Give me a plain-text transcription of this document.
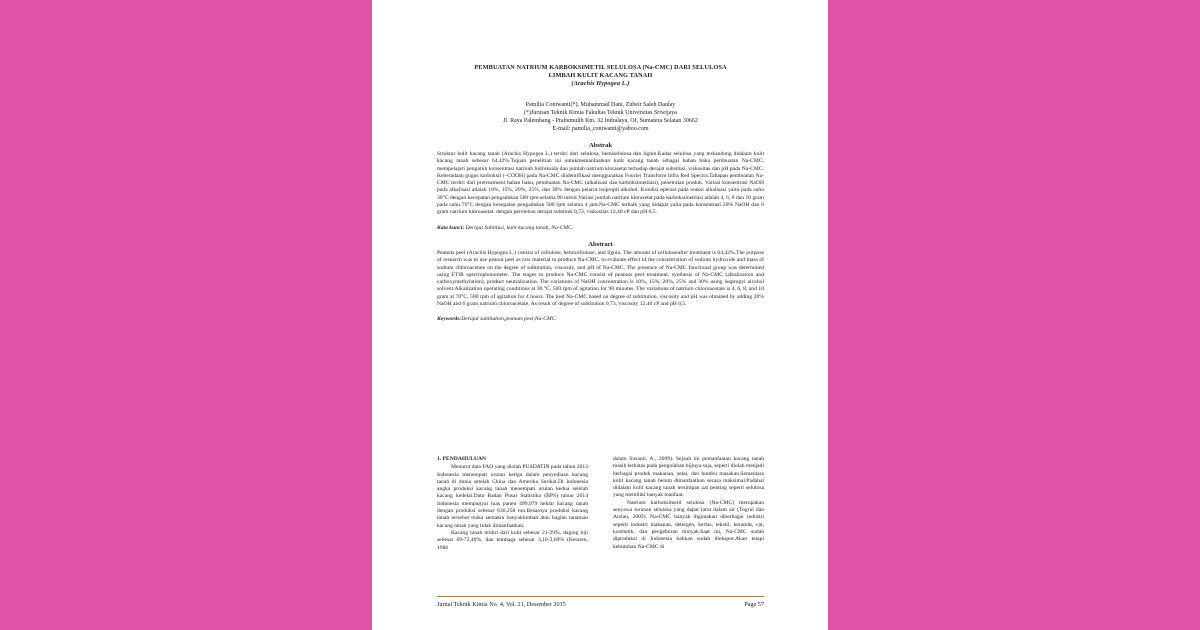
PEMBUATAN NATRIUM KARBOKSIMETIL SELULOSA (Na-CMC) DARI SELULOSA
LIMBAH KULIT KACANG TANAH
(Arachis Hypogea L.)
Pamilia Coniwanti(*), Muhammad Dani, Zubeir Saleh Daulay
(*)Jurusan Teknik Kimia Fakultas Teknik Universitas Sriwijaya
Jl. Raya Palembang - Prabumulih Km. 32 Indralaya, OI, Sumatera Selatan 30662
E-mail: pamilia_coniwanti@yahoo.com
Abstrak
Struktur kulit kacang tanah (Arachis Hypogea L.) terdiri dari selulosa, hemiselulosa dan lignin.Kadar selulosa yang terkandung didalam kulit kacang tanah sebesar 64,42%.Tujuan penelitian ini untukmemanfaatkan kulit kacang tanah sebagai bahan baku pembuatan Na-CMC, mempelajari pengaruh konsentrasi natrium hidroksida dan jumlah natrium klorasetat terhadap derajat subsitusi, viskositas dan pH pada Na-CMC. Keberadaan gugus karboksil (–COOH) pada Na-CMC diidentifikasi menggunakan Fourier Transform Infra Red Spectra.Tahapan pembuatan Na-CMC terdiri dari pretreatment bahan baku, pembuatan Na-CMC (alkalisasi dan karboksimetilasi), penetralan produk. Variasi konsentrasi NaOH pada alkalisasi adalah 10%, 15%, 20%, 25%, dan 30% dengan pelarut isopropil alkohol. Kondisi operasi pada reaksi alkalisasi yaitu pada suhu 30°C dengan kecepatan pengadukan 500 rpm selama 90 menit.Variasi jumlah natrium klorasetat pada karboksimetilasi adalah 4, 6, 8 dan 10 gram pada suhu 70°C dengan kecepatan pengadukan 500 rpm selama 4 jam.Na-CMC terbaik yang didapat yaitu pada konsentrasi 20% NaOH dan 6 gram natrium kloroasetat. dengan perolehan derajat subtitusi 0,73, viskositas 12,40 cP dan pH 6,5.
Kata kunci: Derajat Subtitusi, kulit kacang tanah, Na-CMC.
Abstract
Peanuts peel (Arachis Hypogea L.) consist of cellulose, hemicellulose, and lignin. The amount of celluloseafter treatment is 64,42%.The purpose of research was to use peanut peel as raw material to produce Na-CMC, to evaluate effect of the concentration of sodium hydroxide and mass of sodium chloroacetate on the degree of subtitution, viscosity, and pH of Na-CMC. The presence of Na-CMC functional group was determined using FTIR spectrophotometer. The stages to produce Na-CMC consist of peanuts peel treatment, synthesis of Na-CMC (alkalization and carboxymethylation), product neutralization. The variations of NaOH concentration is 10%, 15%, 20%, 25% and 30% using isopropyl alcohol solvent.Alkalization operating conditions at 30 °C, 500 rpm of agitation for 90 minutes. The variations of natrium chloroacetate is 4, 6, 8, and 10 gram at 70°C, 500 rpm of agitation for 4 hours. The best Na-CMC based on degree of subtitution, viscosity and pH was obtained by adding 20% NaOH and 6 gram natrium chloroacetate. As result of degree of subtitution 0,73, viscosity 12,40 cP and pH 6,5.
Keywords:Derajat subtitution,peanuts peel,Na-CMC.
1. PENDAHULUAN

Menurut data FAO yang diolah PUSDATIN pada tahun 2013 Indonesia menempati urutan ketiga dalam penyediaan kacang tanah di dunia setelah China dan Amerika Serikat.Di Indonesia angka produksi kacang tanah menempati urutan kedua setelah kacang kedelai.Data Badan Pusat Statistika (BPS) tahun 2014 Indonesia mempunyai luas panen 499,079 hektar kacang tanah dengan produksi sebesar 638,258 ton.Besarnya produksi kacang tanah tersebut maka semakin banyaklimbah atau bagian tanaman kacang tanah yang tidak dimanfaatkan.

Kacang tanah terdiri dari kulit sebesar 21-29%, daging biji sebesar 69-72,40%, dan lembaga sebesar 3,10-3,60% (Ketaren, 1986

dalam Susanti, A., 2009). Sejauh ini pemanfaatan kacang tanah masih terbatas pada pengolahan bijinya saja, seperti diolah menjadi berbagai produk makanan, selai, dan bumbu masakan.Sementara kulit kacang tanah belum dimanfaatkan secara maksimal.Padahal didalam kulit kacang tanah tersimpan zat penting seperti selulosa yang memiliki banyak manfaat.

Natrium karboksimetil selulosa (Na-CMC) merupakan senyawa turunan selulosa yang dapat larut dalam air (Togrul dan Arslan, 2003). Na-CMC banyak digunakan diberbagai industri seperti industri makanan, detergen, kertas, tekstil, keramik, cat, kosmetik, dan pengeboran minyak.Saat ini, Na-CMC sudah diproduksi di Indonesia bahkan sudah diekspor.Akan tetapi kebutuhan Na-CMC di

Jurnal Teknik Kimia No. 4, Vol. 21, Desember 2015	Page 57
